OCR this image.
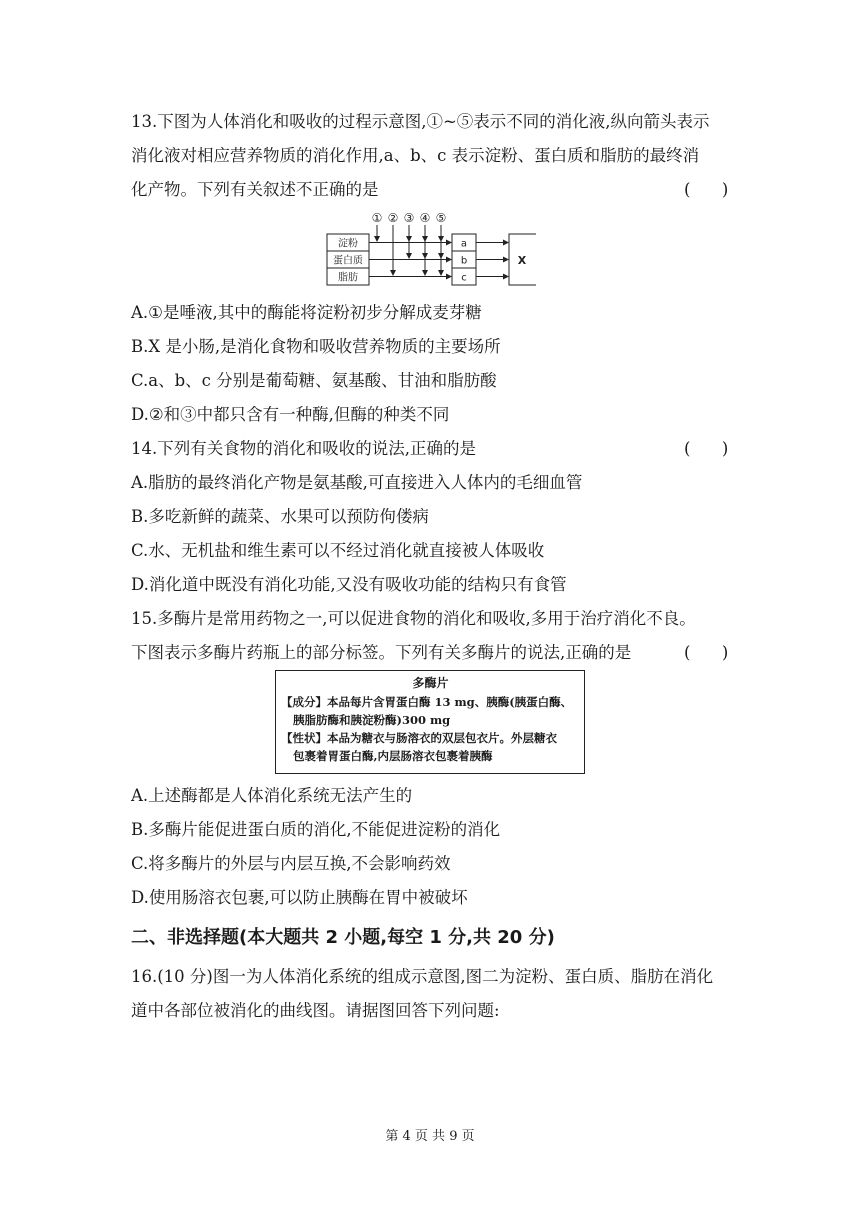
13.下图为人体消化和吸收的过程示意图,①~⑤表示不同的消化液,纵向箭头表示
消化液对相应营养物质的消化作用,a、b、c 表示淀粉、蛋白质和脂肪的最终消
化产物。下列有关叙述不正确的是	(      )
① ② ③ ④ ⑤
淀粉
蛋白质
脂肪
a
b
c
X
A.①是唾液,其中的酶能将淀粉初步分解成麦芽糖
B.X 是小肠,是消化食物和吸收营养物质的主要场所
C.a、b、c 分别是葡萄糖、氨基酸、甘油和脂肪酸
D.②和③中都只含有一种酶,但酶的种类不同
14.下列有关食物的消化和吸收的说法,正确的是	(      )
A.脂肪的最终消化产物是氨基酸,可直接进入人体内的毛细血管
B.多吃新鲜的蔬菜、水果可以预防佝偻病
C.水、无机盐和维生素可以不经过消化就直接被人体吸收
D.消化道中既没有消化功能,又没有吸收功能的结构只有食管
15.多酶片是常用药物之一,可以促进食物的消化和吸收,多用于治疗消化不良。
下图表示多酶片药瓶上的部分标签。下列有关多酶片的说法,正确的是	(      )
多酶片
【成分】本品每片含胃蛋白酶 13 mg、胰酶(胰蛋白酶、
胰脂肪酶和胰淀粉酶)300 mg
【性状】本品为糖衣与肠溶衣的双层包衣片。外层糖衣
包裹着胃蛋白酶,内层肠溶衣包裹着胰酶
A.上述酶都是人体消化系统无法产生的
B.多酶片能促进蛋白质的消化,不能促进淀粉的消化
C.将多酶片的外层与内层互换,不会影响药效
D.使用肠溶衣包裹,可以防止胰酶在胃中被破坏
二、非选择题(本大题共 2 小题,每空 1 分,共 20 分)
16.(10 分)图一为人体消化系统的组成示意图,图二为淀粉、蛋白质、脂肪在消化
道中各部位被消化的曲线图。请据图回答下列问题:
第 4 页 共 9 页
